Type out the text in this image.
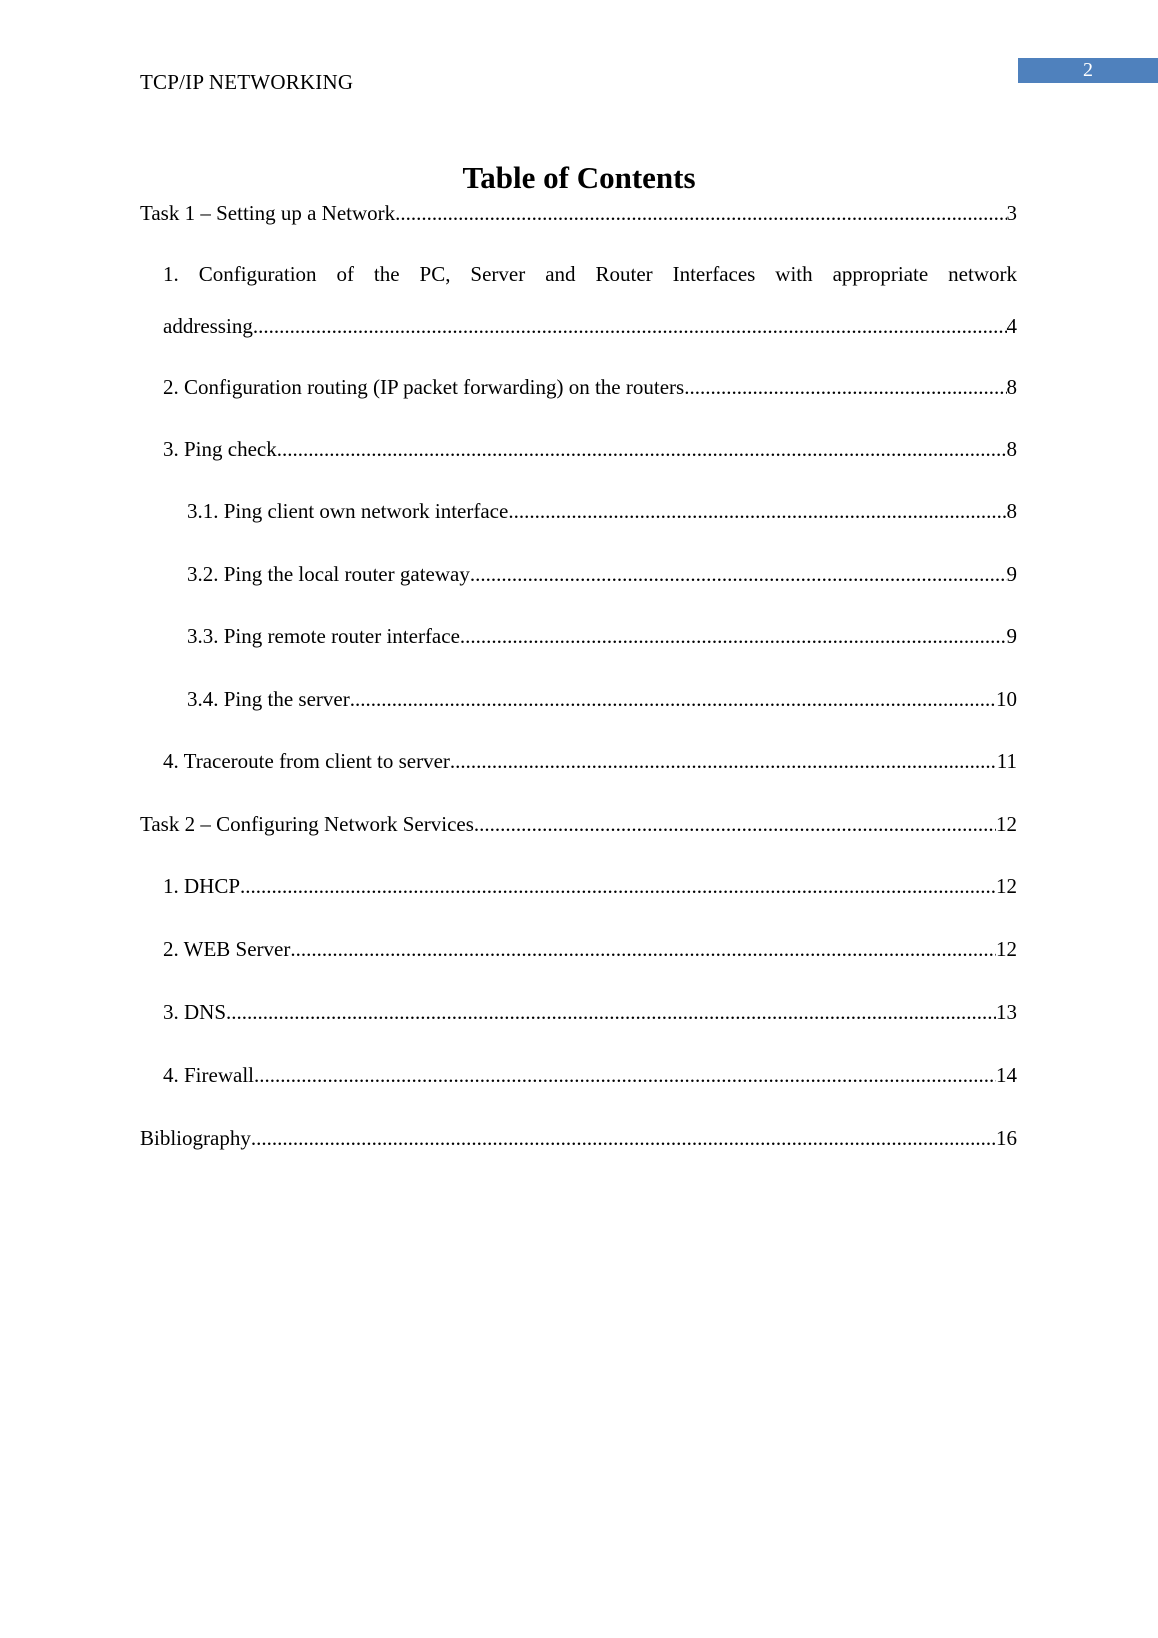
TCP/IP NETWORKING	2
Table of Contents
Task 1 – Setting up a Network .....	3
1. Configuration of the PC, Server and Router Interfaces with appropriate network
addressing .....	4
2. Configuration routing (IP packet forwarding) on the routers .....	8
3. Ping check .....	8
3.1. Ping client own network interface .....	8
3.2. Ping the local router gateway .....	9
3.3. Ping remote router interface .....	9
3.4. Ping the server .....	10
4. Traceroute from client to server .....	11
Task 2 – Configuring Network Services .....	12
1. DHCP .....	12
2. WEB Server .....	12
3. DNS .....	13
4. Firewall .....	14
Bibliography .....	16
